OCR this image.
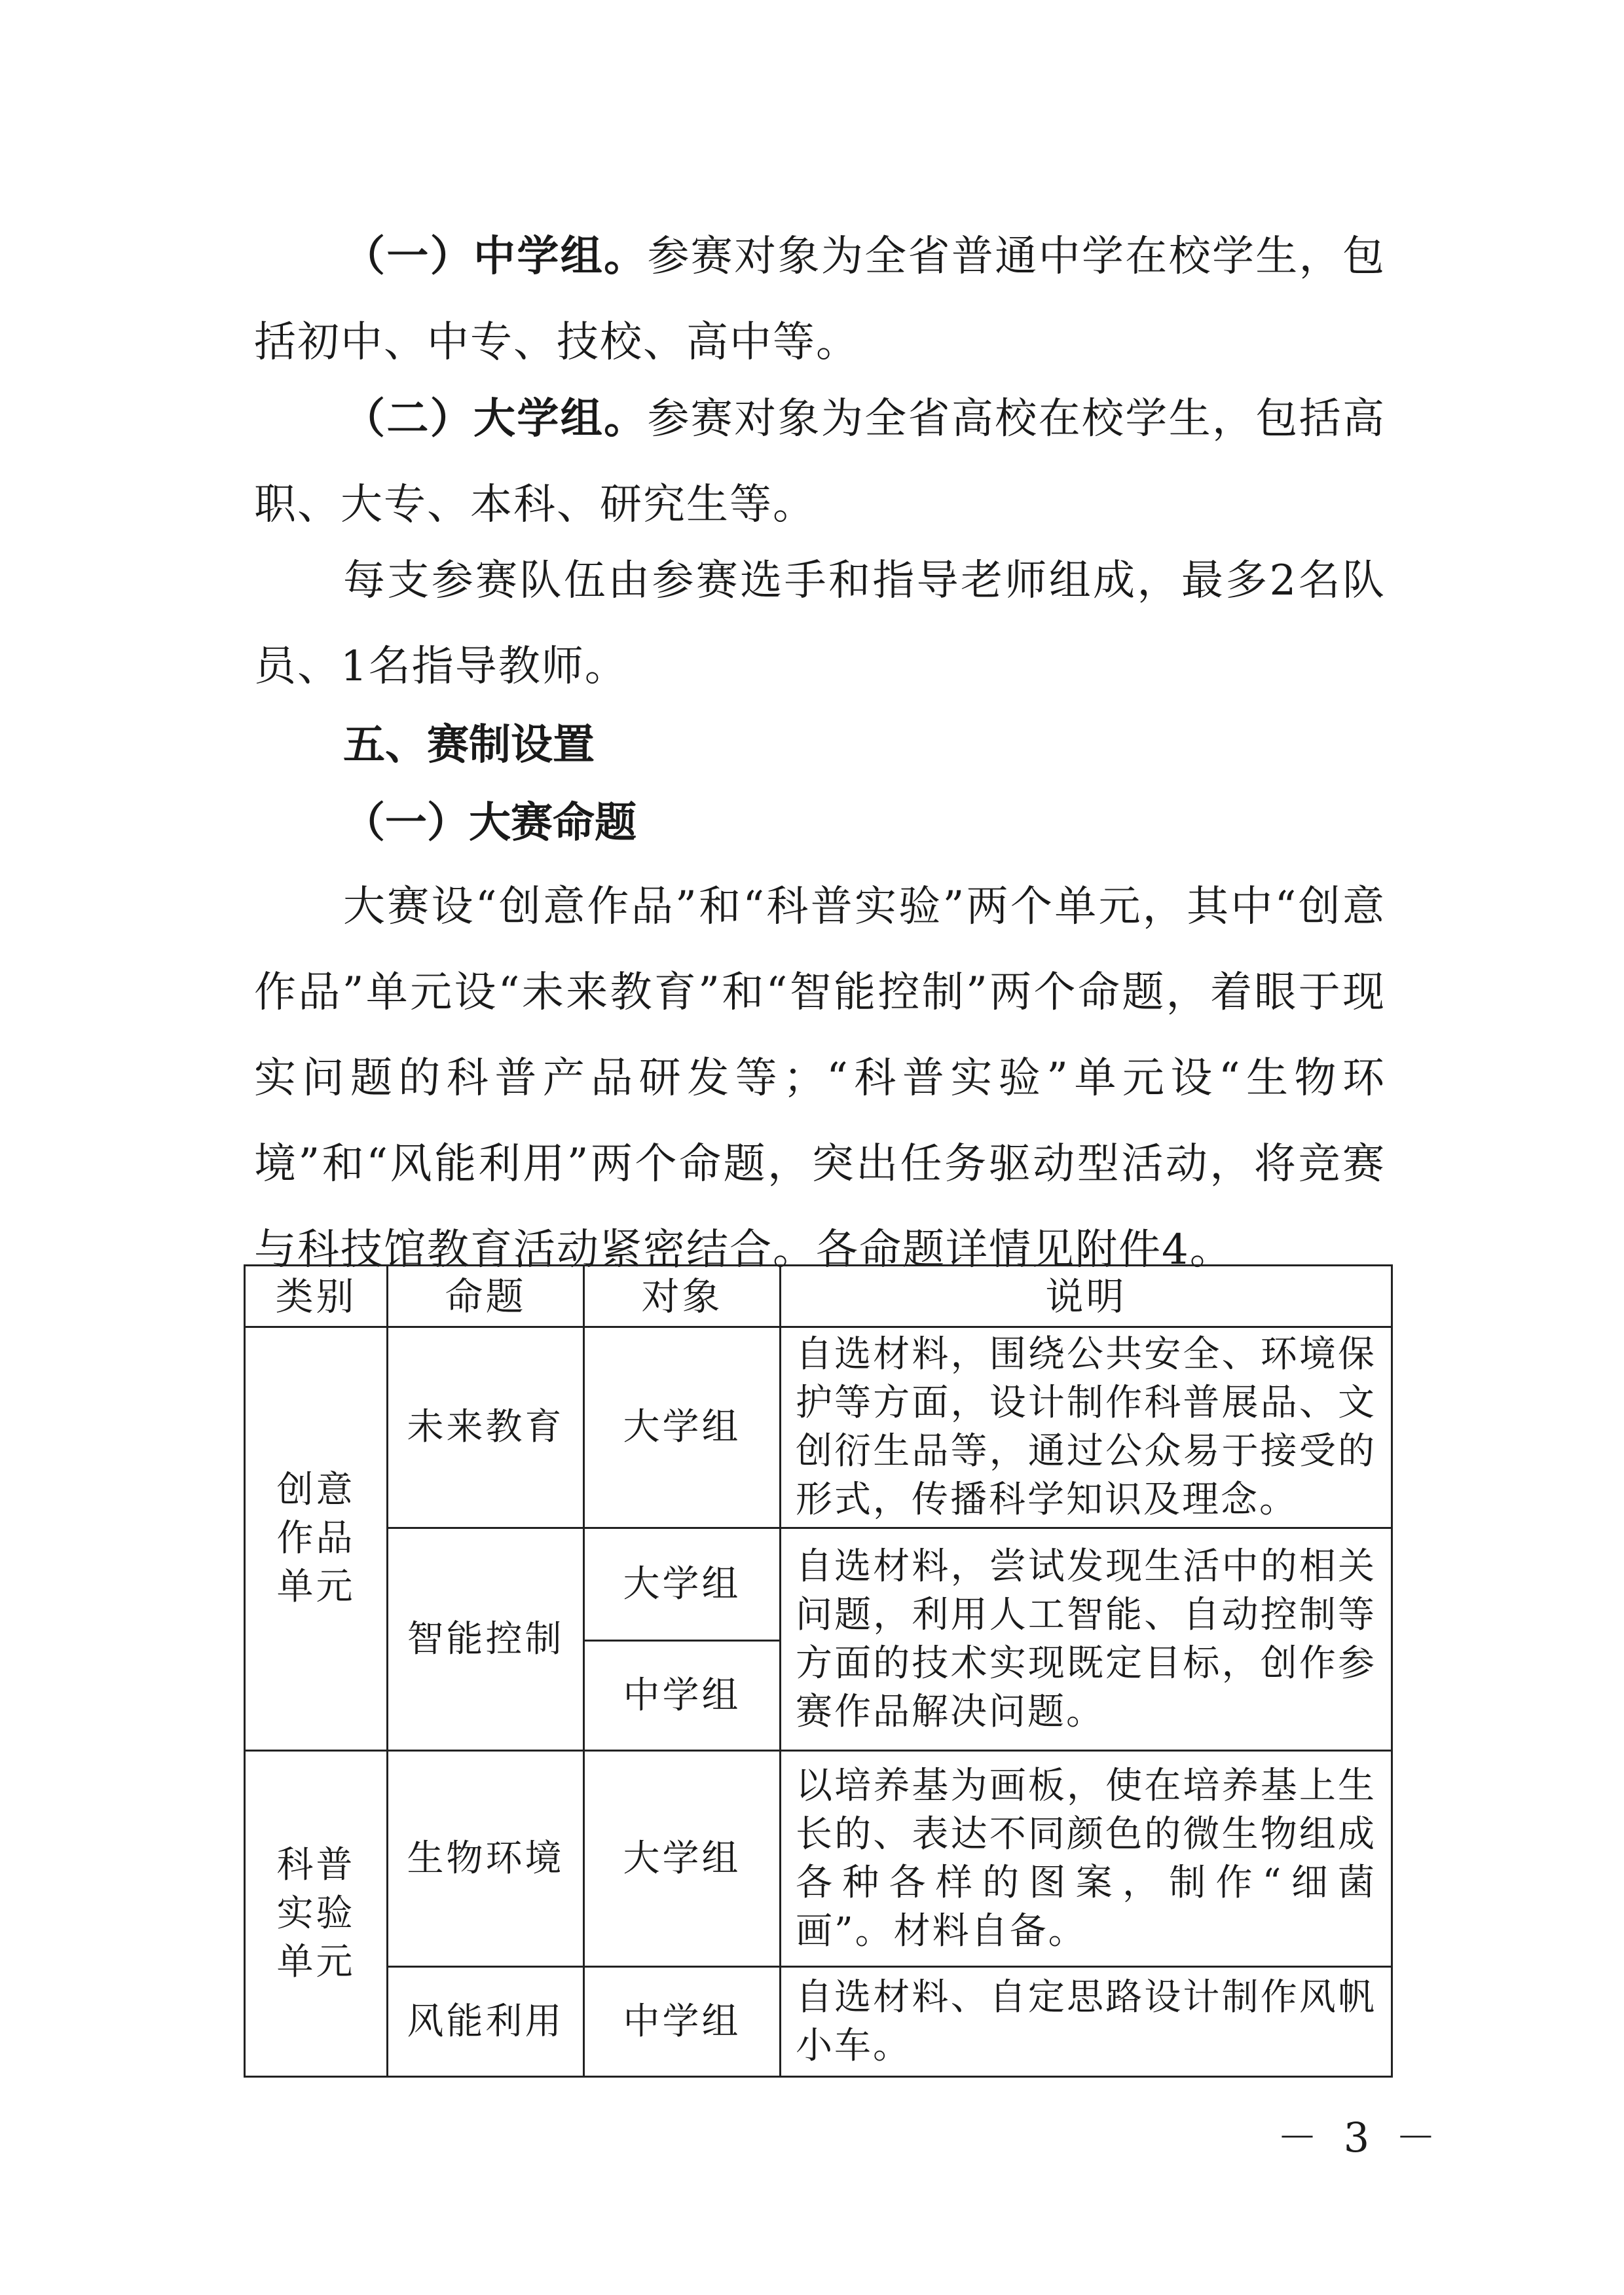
（一）中学组。参赛对象为全省普通中学在校学生，包括初中、中专、技校、高中等。

（二）大学组。参赛对象为全省高校在校学生，包括高职、大专、本科、研究生等。

每支参赛队伍由参赛选手和指导老师组成，最多2名队员、1名指导教师。

五、赛制设置

（一）大赛命题

大赛设“创意作品”和“科普实验”两个单元，其中“创意作品”单元设“未来教育”和“智能控制”两个命题，着眼于现实问题的科普产品研发等；“科普实验”单元设“生物环境”和“风能利用”两个命题，突出任务驱动型活动，将竞赛与科技馆教育活动紧密结合。各命题详情见附件4。

类别	命题	对象	说明
创意作品单元	未来教育	大学组	自选材料，围绕公共安全、环境保护等方面，设计制作科普展品、文创衍生品等，通过公众易于接受的形式，传播科学知识及理念。
	智能控制	大学组	自选材料，尝试发现生活中的相关问题，利用人工智能、自动控制等方面的技术实现既定目标，创作参赛作品解决问题。
		中学组	
科普实验单元	生物环境	大学组	以培养基为画板，使在培养基上生长的、表达不同颜色的微生物组成各种各样的图案，制作“细菌画”。材料自备。
	风能利用	中学组	自选材料、自定思路设计制作风帆小车。
－ 3 －
